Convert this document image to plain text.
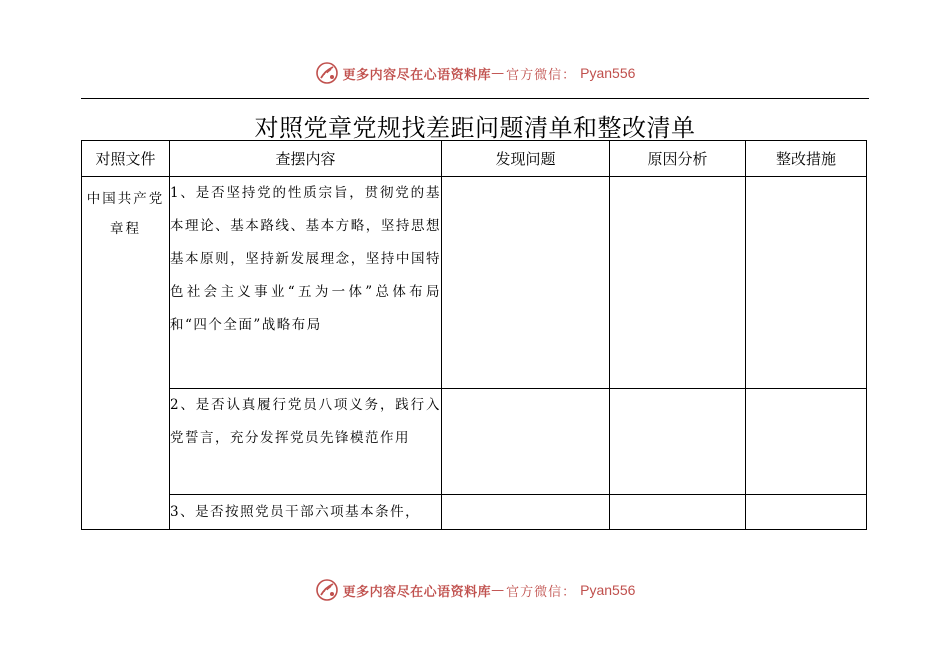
更多内容尽在心语资料库 — 官方微信： Pyan556
对照党章党规找差距问题清单和整改清单
对照文件	查摆内容	发现问题	原因分析	整改措施

中国共产党章程	1、是否坚持党的性质宗旨，贯彻党的基本理论、基本路线、基本方略，坚持思想基本原则，坚持新发展理念，坚持中国特色社会主义事业“五为一体”总体布局和“四个全面”战略布局			
	2、是否认真履行党员八项义务，践行入党誓言，充分发挥党员先锋模范作用			
	3、是否按照党员干部六项基本条件，			
更多内容尽在心语资料库 — 官方微信： Pyan556
